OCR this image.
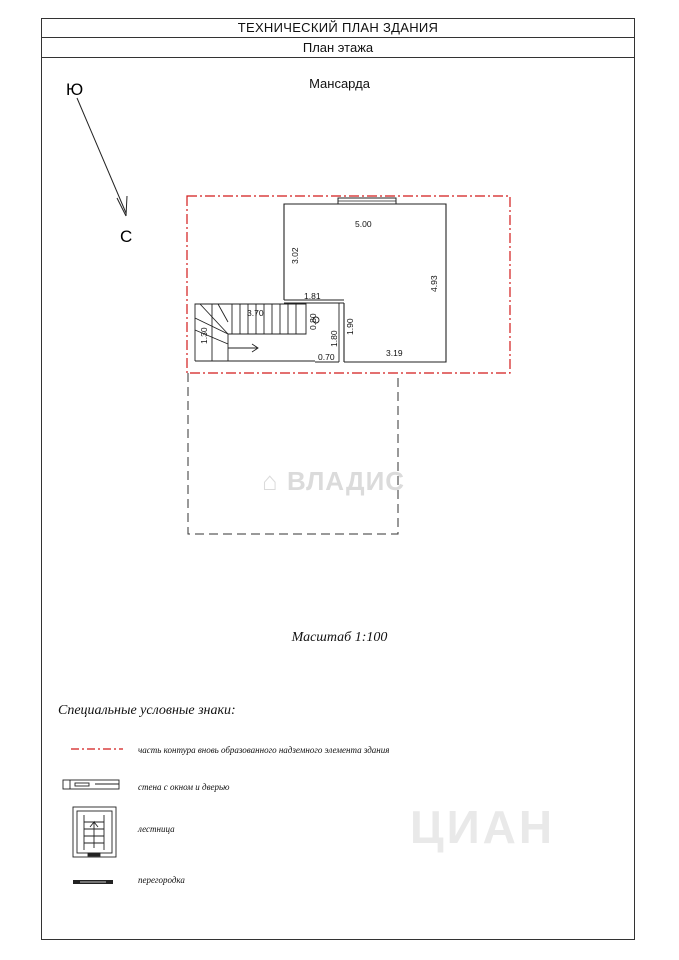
ТЕХНИЧЕСКИЙ ПЛАН ЗДАНИЯ
План этажа
Мансарда
Ю
С
5.00
4.93
3.02
1.81
3.70
1.30
0.80
1.80
1.90
0.70	3.19
⌂ ВЛАДИС
ЦИАН
Масштаб 1:100
Специальные условные знаки:
часть контура вновь образованного надземного элемента здания
стена с окном и дверью
лестница
перегородка
